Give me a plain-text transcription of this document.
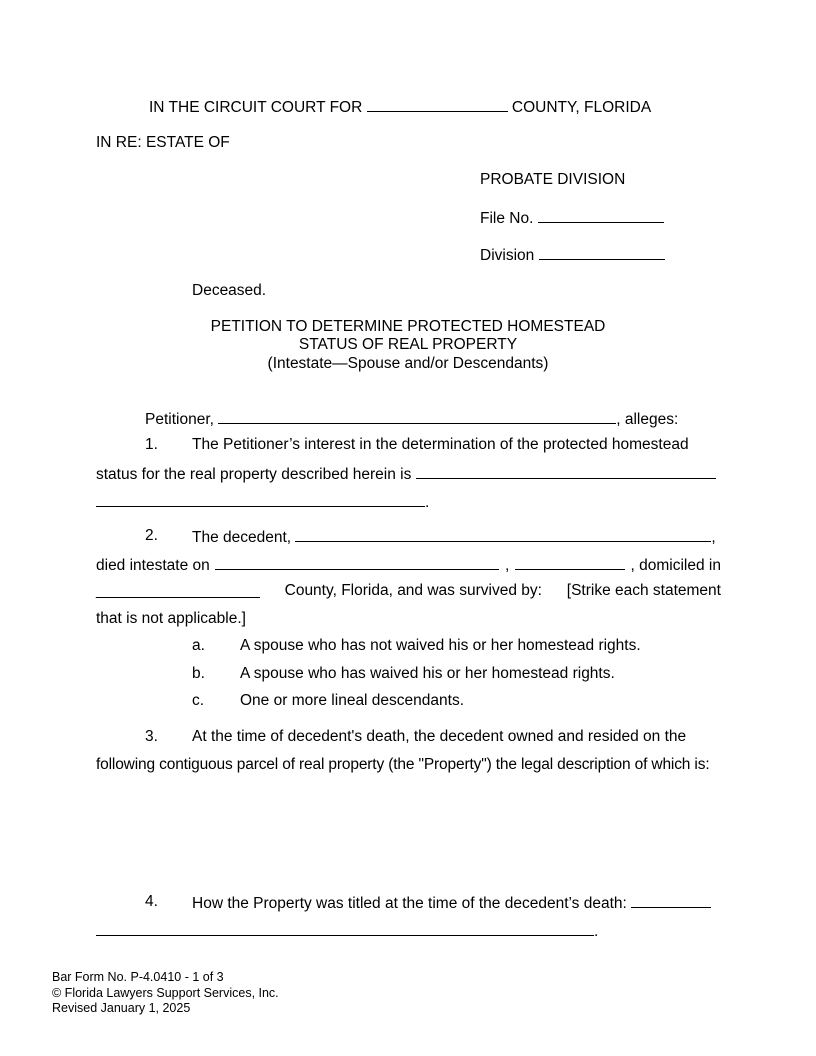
IN THE CIRCUIT COURT FOR	COUNTY, FLORIDA
IN RE: ESTATE OF
PROBATE DIVISION
File No.
Division
Deceased.
PETITION TO DETERMINE PROTECTED HOMESTEAD
STATUS OF REAL PROPERTY
(Intestate—Spouse and/or Descendants)
Petitioner,	, alleges:
1. The Petitioner’s interest in the determination of the protected homestead
status for the real property described herein is
.
2. The decedent,	,
died intestate on	,	, domiciled in
___________________ County, Florida, and was survived by: [Strike each statement
that is not applicable.]
a. A spouse who has not waived his or her homestead rights.
b. A spouse who has waived his or her homestead rights.
c. One or more lineal descendants.
3. At the time of decedent's death, the decedent owned and resided on the
following contiguous parcel of real property (the "Property") the legal description of which is:
4. How the Property was titled at the time of the decedent’s death:
.
Bar Form No. P-4.0410 - 1 of 3
© Florida Lawyers Support Services, Inc.
Revised January 1, 2025
